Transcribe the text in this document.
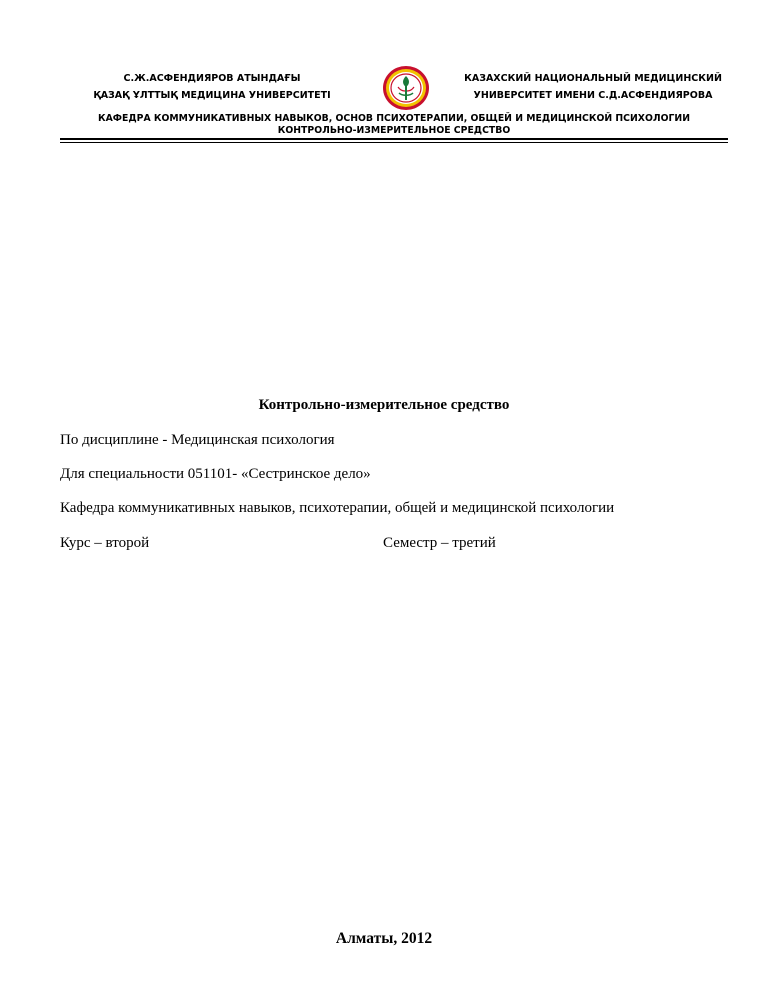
С.Ж.АСФЕНДИЯРОВ АТЫНДАҒЫ
ҚАЗАҚ ҰЛТТЫҚ МЕДИЦИНА УНИВЕРСИТЕТІ
КАЗАХСКИЙ НАЦИОНАЛЬНЫЙ МЕДИЦИНСКИЙ
УНИВЕРСИТЕТ ИМЕНИ С.Д.АСФЕНДИЯРОВА
КАФЕДРА КОММУНИКАТИВНЫХ НАВЫКОВ, ОСНОВ ПСИХОТЕРАПИИ, ОБЩЕЙ И МЕДИЦИНСКОЙ ПСИХОЛОГИИ
КОНТРОЛЬНО-ИЗМЕРИТЕЛЬНОЕ СРЕДСТВО
Контрольно-измерительное средство
По дисциплине - Медицинская психология
Для специальности 051101- «Сестринское дело»
Кафедра коммуникативных навыков, психотерапии, общей и медицинской психологии
Курс – второй	Семестр – третий
Алматы, 2012
